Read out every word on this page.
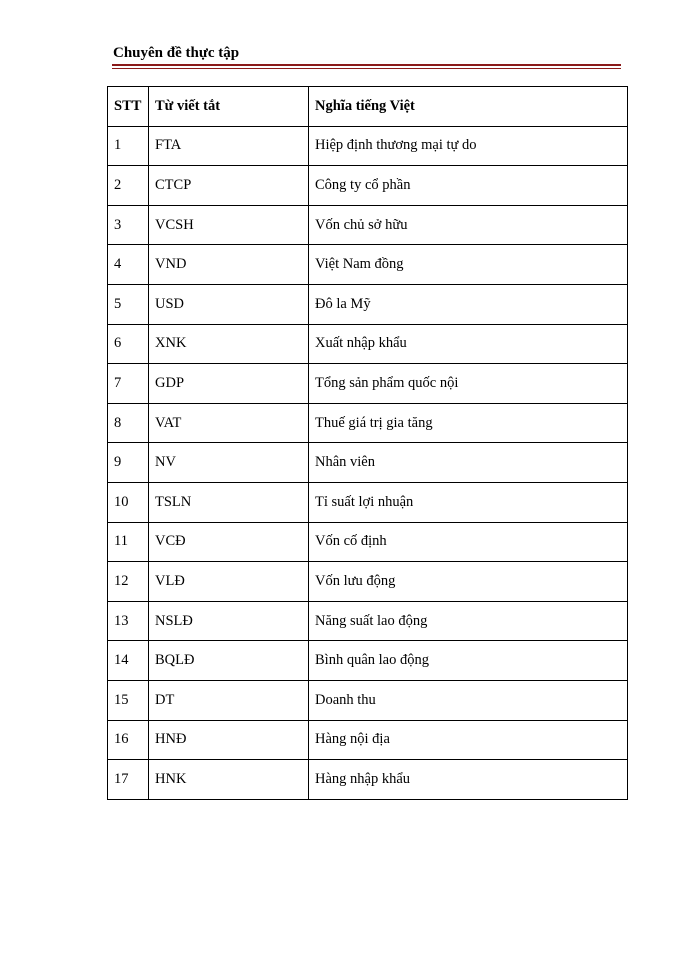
Chuyên đề thực tập
STT	Từ viết tắt	Nghĩa tiếng Việt
1	FTA	Hiệp định thương mại tự do
2	CTCP	Công ty cổ phần
3	VCSH	Vốn chủ sở hữu
4	VND	Việt Nam đồng
5	USD	Đô la Mỹ
6	XNK	Xuất nhập khẩu
7	GDP	Tổng sản phẩm quốc nội
8	VAT	Thuế giá trị gia tăng
9	NV	Nhân viên
10	TSLN	Tỉ suất lợi nhuận
11	VCĐ	Vốn cố định
12	VLĐ	Vốn lưu động
13	NSLĐ	Năng suất lao động
14	BQLĐ	Bình quân lao động
15	DT	Doanh thu
16	HNĐ	Hàng nội địa
17	HNK	Hàng nhập khẩu
